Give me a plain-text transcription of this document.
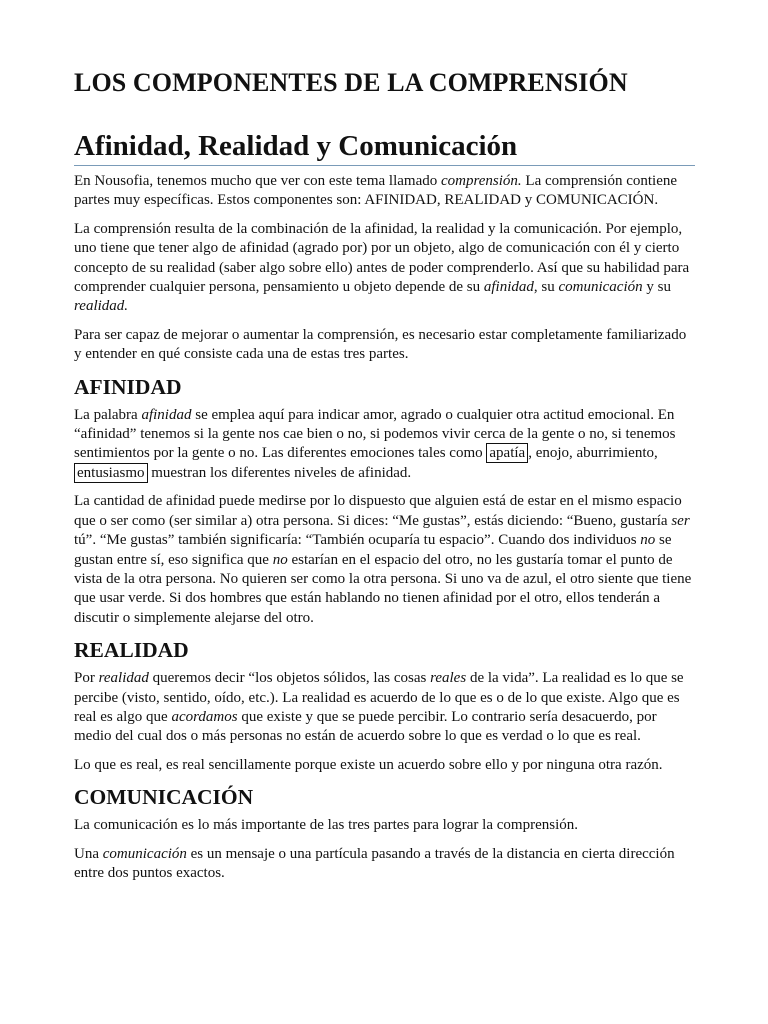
LOS COMPONENTES DE LA COMPRENSIÓN
Afinidad, Realidad y Comunicación

En Nousofia, tenemos mucho que ver con este tema llamado comprensión. La comprensión contiene partes muy específicas. Estos componentes son: AFINIDAD, REALIDAD y COMUNICACIÓN.

La comprensión resulta de la combinación de la afinidad, la realidad y la comunicación. Por ejemplo, uno tiene que tener algo de afinidad (agrado por) por un objeto, algo de comunicación con él y cierto concepto de su realidad (saber algo sobre ello) antes de poder comprenderlo. Así que su habilidad para comprender cualquier persona, pensamiento u objeto depende de su afinidad, su comunicación y su realidad.

Para ser capaz de mejorar o aumentar la comprensión, es necesario estar completamente familiarizado y entender en qué consiste cada una de estas tres partes.

AFINIDAD

La palabra afinidad se emplea aquí para indicar amor, agrado o cualquier otra actitud emocional. En “afinidad” tenemos si la gente nos cae bien o no, si podemos vivir cerca de la gente o no, si tenemos sentimientos por la gente o no. Las diferentes emociones tales como apatía , enojo, aburrimiento, entusiasmo muestran los diferentes niveles de afinidad.

La cantidad de afinidad puede medirse por lo dispuesto que alguien está de estar en el mismo espacio que o ser como (ser similar a) otra persona. Si dices: “Me gustas”, estás diciendo: “Bueno, gustaría ser tú”. “Me gustas” también significaría: “También ocuparía tu espacio”. Cuando dos individuos no se gustan entre sí, eso significa que no estarían en el espacio del otro, no les gustaría tomar el punto de vista de la otra persona. No quieren ser como la otra persona. Si uno va de azul, el otro siente que tiene que usar verde. Si dos hombres que están hablando no tienen afinidad por el otro, ellos tenderán a discutir o simplemente alejarse del otro.

REALIDAD

Por realidad queremos decir “los objetos sólidos, las cosas reales de la vida”. La realidad es lo que se percibe (visto, sentido, oído, etc.). La realidad es acuerdo de lo que es o de lo que existe. Algo que es real es algo que acordamos que existe y que se puede percibir. Lo contrario sería desacuerdo, por medio del cual dos o más personas no están de acuerdo sobre lo que es verdad o lo que es real.

Lo que es real, es real sencillamente porque existe un acuerdo sobre ello y por ninguna otra razón.

COMUNICACIÓN

La comunicación es lo más importante de las tres partes para lograr la comprensión.

Una comunicación es un mensaje o una partícula pasando a través de la distancia en cierta dirección entre dos puntos exactos.
